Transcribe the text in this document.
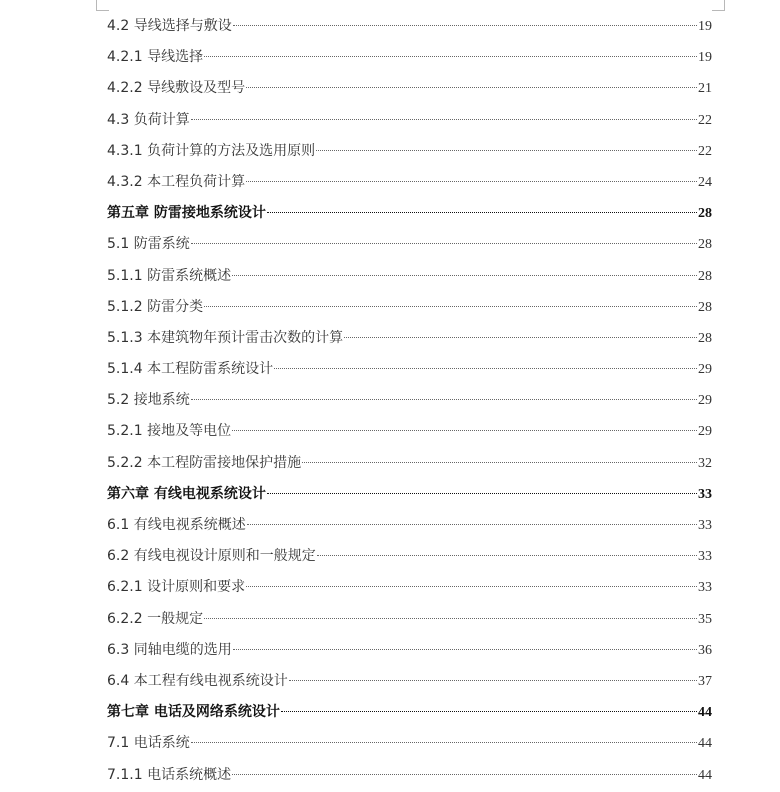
4.2 导线选择与敷设	19
4.2.1 导线选择	19
4.2.2 导线敷设及型号	21
4.3 负荷计算	22
4.3.1 负荷计算的方法及选用原则	22
4.3.2 本工程负荷计算	24
第五章 防雷接地系统设计	28
5.1 防雷系统	28
5.1.1 防雷系统概述	28
5.1.2 防雷分类	28
5.1.3 本建筑物年预计雷击次数的计算	28
5.1.4 本工程防雷系统设计	29
5.2 接地系统	29
5.2.1 接地及等电位	29
5.2.2 本工程防雷接地保护措施	32
第六章 有线电视系统设计	33
6.1 有线电视系统概述	33
6.2 有线电视设计原则和一般规定	33
6.2.1 设计原则和要求	33
6.2.2 一般规定	35
6.3 同轴电缆的选用	36
6.4 本工程有线电视系统设计	37
第七章 电话及网络系统设计	44
7.1 电话系统	44
7.1.1 电话系统概述	44
